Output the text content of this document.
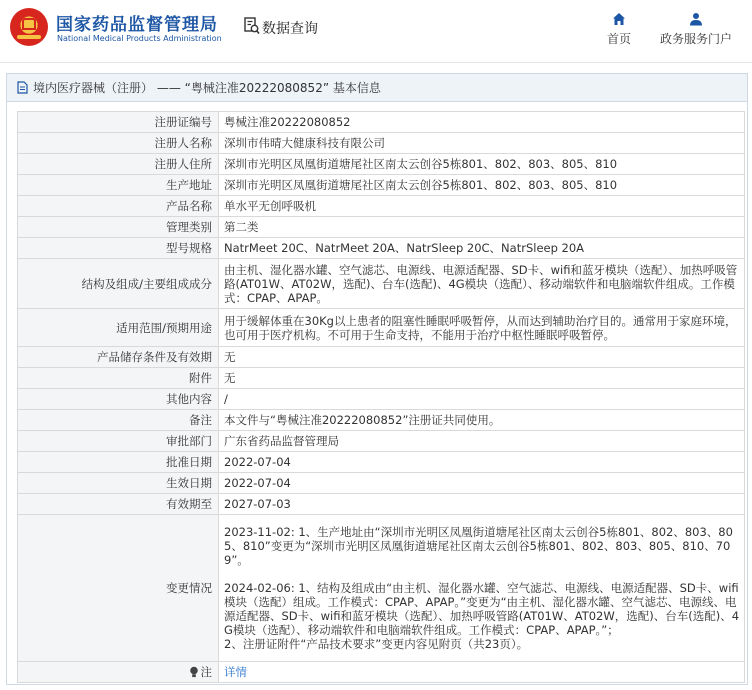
国家药品监督管理局
National Medical Products Administration
数据查询
首页	政务服务门户
境内医疗器械（注册） —— “粤械注准20222080852” 基本信息
注册证编号	粤械注准20222080852
注册人名称	深圳市伟晴大健康科技有限公司
注册人住所	深圳市光明区凤凰街道塘尾社区南太云创谷5栋801、802、803、805、810
生产地址	深圳市光明区凤凰街道塘尾社区南太云创谷5栋801、802、803、805、810
产品名称	单水平无创呼吸机
管理类别	第二类
型号规格	NatrMeet 20C、NatrMeet 20A、NatrSleep 20C、NatrSleep 20A
结构及组成/主要组成成分	由主机、湿化器水罐、空气滤芯、电源线、电源适配器、SD卡、wifi和蓝牙模块（选配）、加热呼吸管路(AT01W、AT02W，选配)、台车(选配)、4G模块（选配）、移动端软件和电脑端软件组成。工作模式：CPAP、APAP。
适用范围/预期用途	用于缓解体重在30Kg以上患者的阻塞性睡眠呼吸暂停，从而达到辅助治疗目的。通常用于家庭环境，也可用于医疗机构。不可用于生命支持，不能用于治疗中枢性睡眠呼吸暂停。
产品储存条件及有效期	无
附件	无
其他内容	/
备注	本文件与“粤械注准20222080852”注册证共同使用。
审批部门	广东省药品监督管理局
批准日期	2022-07-04
生效日期	2022-07-04
有效期至	2027-07-03
变更情况	2023-11-02: 1、生产地址由“深圳市光明区凤凰街道塘尾社区南太云创谷5栋801、802、803、805、810”变更为“深圳市光明区凤凰街道塘尾社区南太云创谷5栋801、802、803、805、810、709”。

2024-02-06: 1、结构及组成由“由主机、湿化器水罐、空气滤芯、电源线、电源适配器、SD卡、wifi模块（选配）组成。工作模式：CPAP、APAP。”变更为“由主机、湿化器水罐、空气滤芯、电源线、电源适配器、SD卡、wifi和蓝牙模块（选配）、加热呼吸管路(AT01W、AT02W，选配)、台车(选配)、4G模块（选配）、移动端软件和电脑端软件组成。工作模式：CPAP、APAP。”；

2、注册证附件“产品技术要求”变更内容见附页（共23页）。

注	详情
